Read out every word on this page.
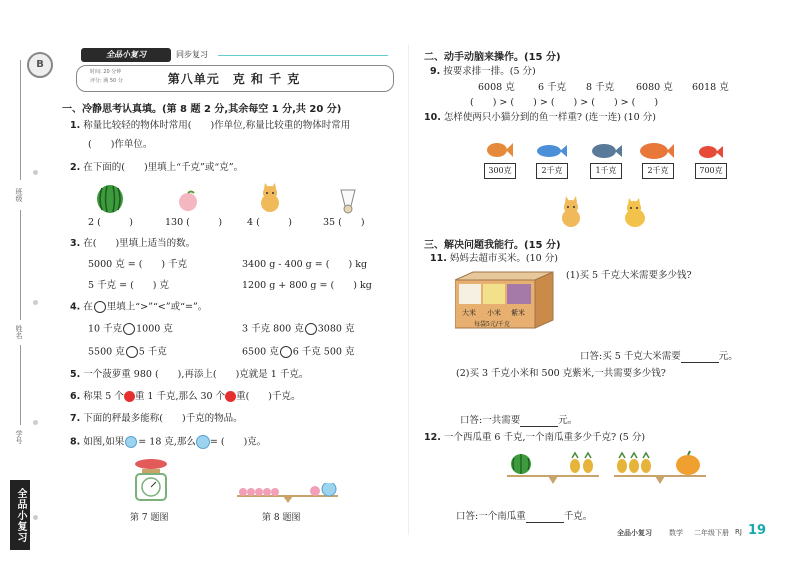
班级
姓名
学号
全品小复习
B
全品小复习	同步复习
时间: 20 分钟
评分: 满 50 分	第八单元　克 和 千 克
一、冷静思考认真填。(第 8 题 2 分,其余每空 1 分,共 20 分)
1. 称量比较轻的物体时常用(　　)作单位,称量比较重的物体时常用
(　　)作单位。
2. 在下面的(　　)里填上“千克”或“克”。
2 (　　　)	130 (　　　)	4 (　　　)	35 (　　)
3. 在(　　)里填上适当的数。
5000 克 = (　　) 千克	3400 g - 400 g = (　　) kg
5 千克 = (　　) 克	1200 g + 800 g = (　　) kg
4. 在 里填上“>”“<”或“=”。
10 千克 1000 克	3 千克 800 克 3080 克
5500 克 5 千克	6500 克 6 千克 500 克
5. 一个菠萝重 980 (　　),再添上(　　)克就是 1 千克。
6. 称果 5 个 重 1 千克,那么 30 个 重(　　)千克。
7. 下面的秤最多能称(　　)千克的物品。
8. 如图,如果 = 18 克,那么 = (　　)克。
第 7 题图	第 8 题图
二、动手动脑来操作。(15 分)
9. 按要求排一排。(5 分)
6008 克 6 千克 8 千克 6080 克 6018 克
(　　) > (　　) > (　　) > (　　) > (　　)
10. 怎样使两只小猫分到的鱼一样重? (连一连) (10 分)
300克	2千克	1千克	2千克	700克
三、解决问题我能行。(15 分)
11. 妈妈去超市买米。(10 分)
大米 小米 紫米
每袋5元/千克
(1)买 5 千克大米需要多少钱?
口答:买 5 千克大米需要	元。
(2)买 3 千克小米和 500 克紫米,一共需要多少钱?
口答:一共需要	元。
12. 一个西瓜重 6 千克,一个南瓜重多少千克? (5 分)
口答:一个南瓜重	千克。
全品小复习 数学 二年级下册 RJ 19
